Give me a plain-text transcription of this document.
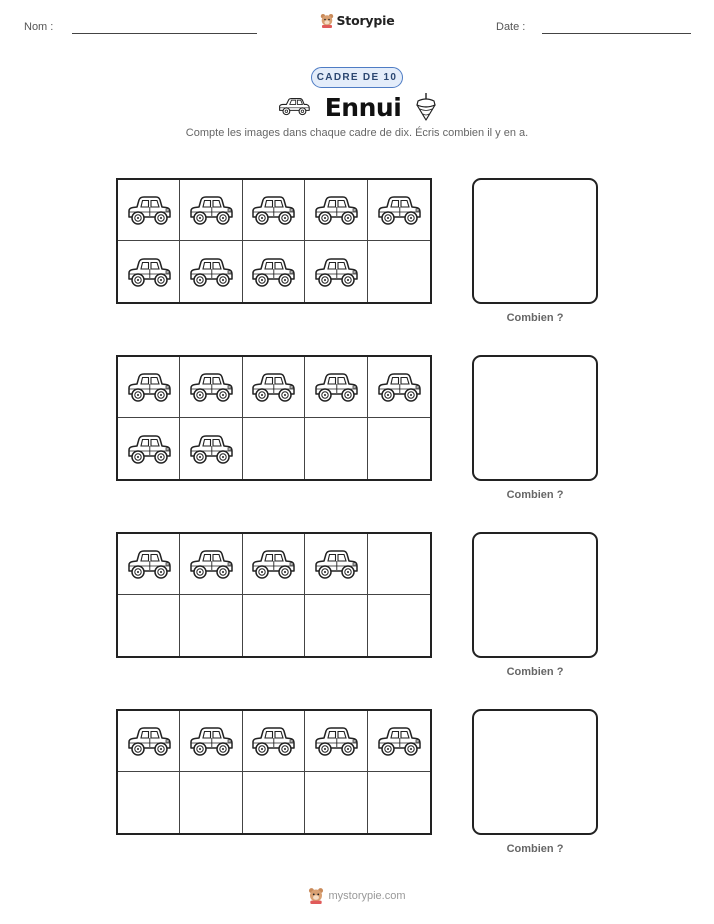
Nom :	Storypie	Date :
CADRE DE 10
Ennui
Compte les images dans chaque cadre de dix. Écris combien il y en a.
Combien ?
Combien ?
Combien ?
Combien ?
mystorypie.com
